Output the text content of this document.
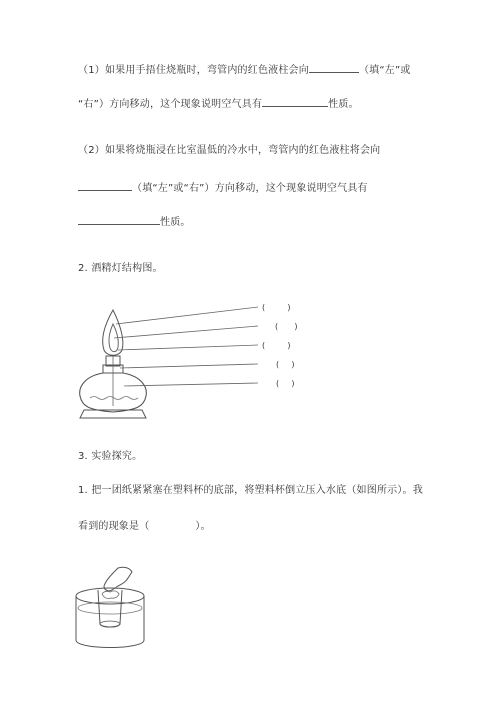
（1）如果用手捂住烧瓶时，弯管内的红色液柱会向	（填“左”或
“右”）方向移动，这个现象说明空气具有	性质。
（2）如果将烧瓶浸在比室温低的冷水中，弯管内的红色液柱将会向
（填“左”或“右”）方向移动，这个现象说明空气具有
性质。
2. 酒精灯结构图。
(	)
( )
(	)
( )
( )
3. 实验探究。
1. 把一团纸紧紧塞在塑料杯的底部，将塑料杯倒立压入水底（如图所示）。我
看到的现象是（	）。
